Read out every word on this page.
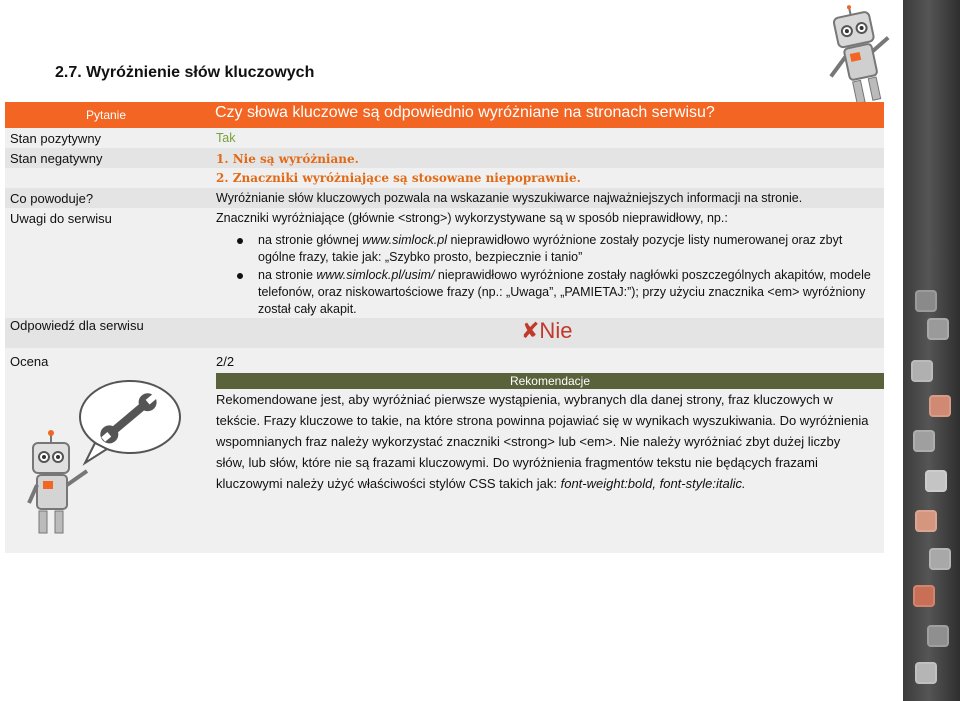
2.7. Wyróżnienie słów kluczowych
Pytanie	Czy słowa kluczowe są odpowiednio wyróżniane na stronach serwisu?
Stan pozytywny	Tak
Stan negatywny	1. Nie są wyróżniane.
2. Znaczniki wyróżniające są stosowane niepoprawnie.
Co powoduje?	Wyróżnianie słów kluczowych pozwala na wskazanie wyszukiwarce najważniejszych informacji na stronie.
Uwagi do serwisu	Znaczniki wyróżniające (głównie <strong>) wykorzystywane są w sposób nieprawidłowy, np.:
na stronie głównej www.simlock.pl nieprawidłowo wyróżnione zostały pozycje listy numerowanej oraz zbyt ogólne frazy, takie jak: „Szybko prosto, bezpiecznie i tanio”
na stronie www.simlock.pl/usim/ nieprawidłowo wyróżnione zostały nagłówki poszczególnych akapitów, modele telefonów, oraz niskowartościowe frazy (np.: „Uwaga”, „PAMIETAJ:”); przy użyciu znacznika <em> wyróżniony został cały akapit.
Odpowiedź dla serwisu	✘Nie
Ocena	2/2
Rekomendacje
Rekomendowane jest, aby wyróżniać pierwsze wystąpienia, wybranych dla danej strony, fraz kluczowych w tekście. Frazy kluczowe to takie, na które strona powinna pojawiać się w wynikach wyszukiwania. Do wyróżnienia wspomnianych fraz należy wykorzystać znaczniki <strong> lub <em>. Nie należy wyróżniać zbyt dużej liczby słów, lub słów, które nie są frazami kluczowymi. Do wyróżnienia fragmentów tekstu nie będących frazami kluczowymi należy użyć właściwości stylów CSS takich jak: font-weight:bold, font-style:italic.
